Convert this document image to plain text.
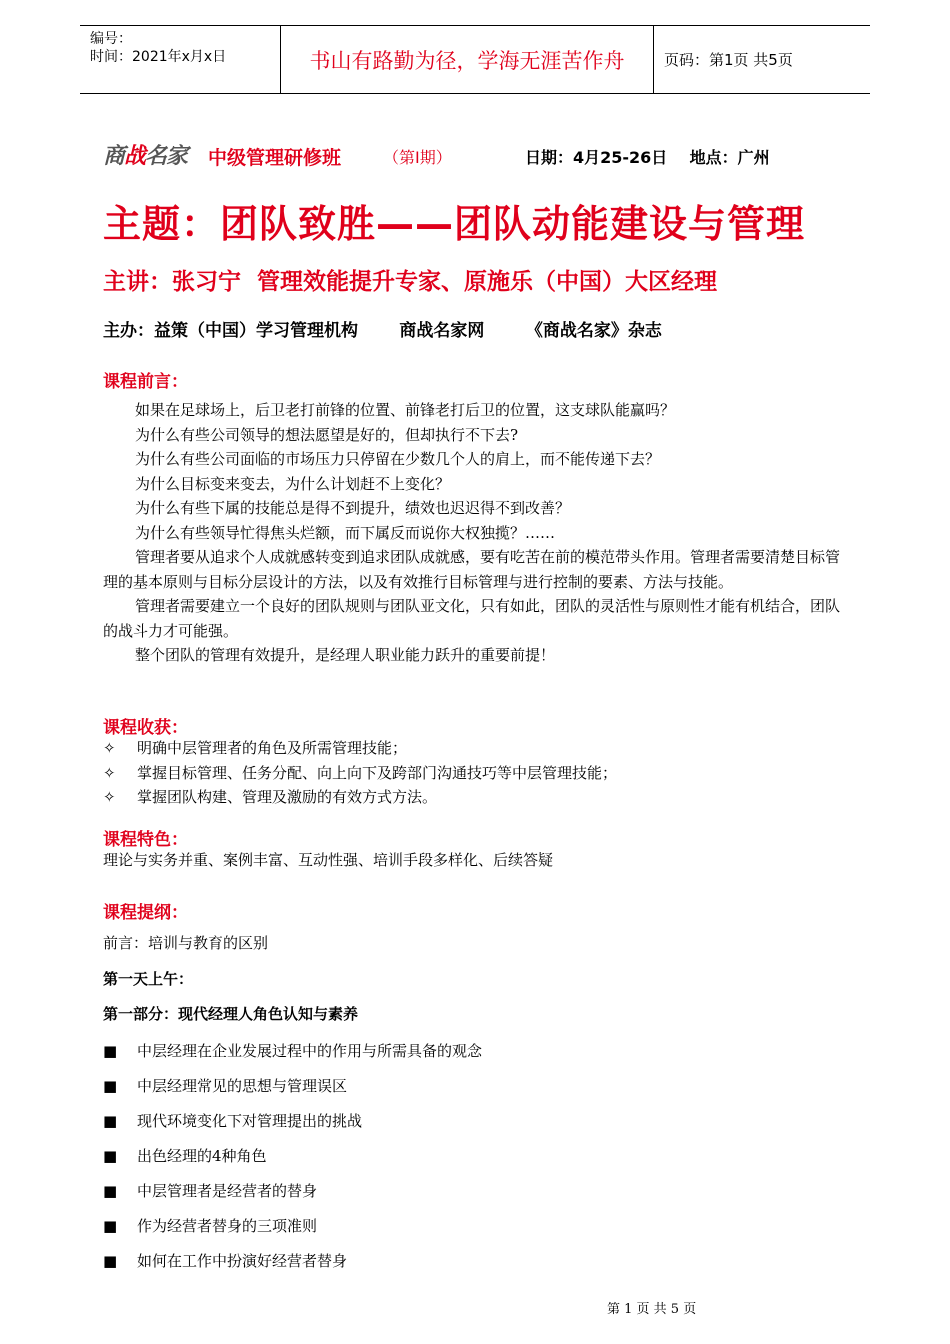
编号：
时间：2021年x月x日	书山有路勤为径，学海无涯苦作舟	页码：第1页 共5页
商战名家 中级管理研修班	（第Ⅰ期）	日期：4月25-26日    地点：广州
主题：团队致胜——团队动能建设与管理
主讲：张习宁  管理效能提升专家、原施乐（中国）大区经理
主办：益策（中国）学习管理机构       商战名家网       《商战名家》杂志
课程前言：
如果在足球场上，后卫老打前锋的位置、前锋老打后卫的位置，这支球队能赢吗？
为什么有些公司领导的想法愿望是好的，但却执行不下去?
为什么有些公司面临的市场压力只停留在少数几个人的肩上，而不能传递下去？
为什么目标变来变去，为什么计划赶不上变化？
为什么有些下属的技能总是得不到提升，绩效也迟迟得不到改善？
为什么有些领导忙得焦头烂额，而下属反而说你大权独揽？……
管理者要从追求个人成就感转变到追求团队成就感，要有吃苦在前的模范带头作用。管理者需要清楚目标管理的基本原则与目标分层设计的方法，以及有效推行目标管理与进行控制的要素、方法与技能。
管理者需要建立一个良好的团队规则与团队亚文化，只有如此，团队的灵活性与原则性才能有机结合，团队的战斗力才可能强。
整个团队的管理有效提升，是经理人职业能力跃升的重要前提！
课程收获：
✧ 明确中层管理者的角色及所需管理技能；
✧ 掌握目标管理、任务分配、向上向下及跨部门沟通技巧等中层管理技能；
✧ 掌握团队构建、管理及激励的有效方式方法。
课程特色：
理论与实务并重、案例丰富、互动性强、培训手段多样化、后续答疑
课程提纲：
前言：培训与教育的区别
第一天上午：
第一部分：现代经理人角色认知与素养
■ 中层经理在企业发展过程中的作用与所需具备的观念
■ 中层经理常见的思想与管理误区
■ 现代环境变化下对管理提出的挑战
■ 出色经理的4种角色
■ 中层管理者是经营者的替身
■ 作为经营者替身的三项准则
■ 如何在工作中扮演好经营者替身
第 1 页 共 5 页
